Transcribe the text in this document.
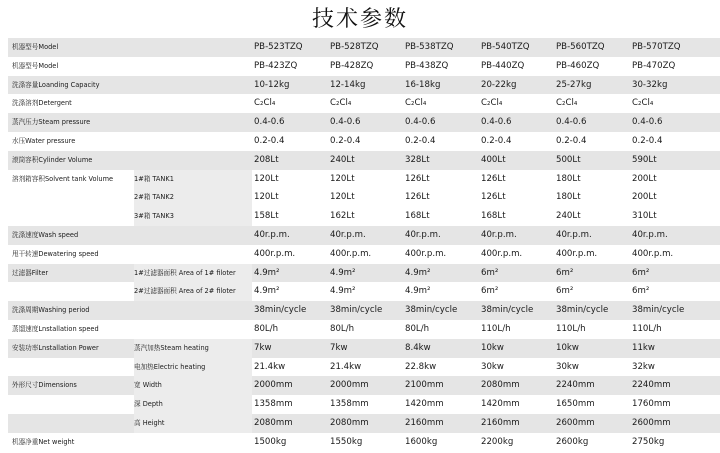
技术参数
机器型号Model	PB-523TZQ	PB-528TZQ	PB-538TZQ	PB-540TZQ	PB-560TZQ	PB-570TZQ
机器型号Model	PB-423ZQ	PB-428ZQ	PB-438ZQ	PB-440ZQ	PB-460ZQ	PB-470ZQ
洗涤容量Loanding Capacity	10-12kg	12-14kg	16-18kg	20-22kg	25-27kg	30-32kg
洗涤溶剂Detergent	C₂Cl₄	C₂Cl₄	C₂Cl₄	C₂Cl₄	C₂Cl₄	C₂Cl₄
蒸汽压力Steam pressure	0.4-0.6	0.4-0.6	0.4-0.6	0.4-0.6	0.4-0.6	0.4-0.6
水压Water pressure	0.2-0.4	0.2-0.4	0.2-0.4	0.2-0.4	0.2-0.4	0.2-0.4
滚筒容积Cylinder Volume	208Lt	240Lt	328Lt	400Lt	500Lt	590Lt
溶剂箱容积Solvent tank Volume	1#箱 TANK1	120Lt	120Lt	126Lt	126Lt	180Lt	200Lt
2#箱 TANK2	120Lt	120Lt	126Lt	126Lt	180Lt	200Lt
3#箱 TANK3	158Lt	162Lt	168Lt	168Lt	240Lt	310Lt
洗涤速度Wash speed	40r.p.m.	40r.p.m.	40r.p.m.	40r.p.m.	40r.p.m.	40r.p.m.
甩干转速Dewatering speed	400r.p.m.	400r.p.m.	400r.p.m.	400r.p.m.	400r.p.m.	400r.p.m.
过滤器Filter	1#过滤器面积 Area of 1# filoter	4.9m²	4.9m²	4.9m²	6m²	6m²	6m²
2#过滤器面积 Area of 2# filoter	4.9m²	4.9m²	4.9m²	6m²	6m²	6m²
洗涤周期Washing period	38min/cycle	38min/cycle	38min/cycle	38min/cycle	38min/cycle	38min/cycle
蒸馏速度Lnstallation speed	80L/h	80L/h	80L/h	110L/h	110L/h	110L/h
安装功率Lnstallation Power	蒸汽加热Steam heating	7kw	7kw	8.4kw	10kw	10kw	11kw
电加热Electric heating	21.4kw	21.4kw	22.8kw	30kw	30kw	32kw
外形尺寸Dimensions	宽 Width	2000mm	2000mm	2100mm	2080mm	2240mm	2240mm
深 Depth	1358mm	1358mm	1420mm	1420mm	1650mm	1760mm
高 Height	2080mm	2080mm	2160mm	2160mm	2600mm	2600mm
机器净重Net weight	1500kg	1550kg	1600kg	2200kg	2600kg	2750kg
